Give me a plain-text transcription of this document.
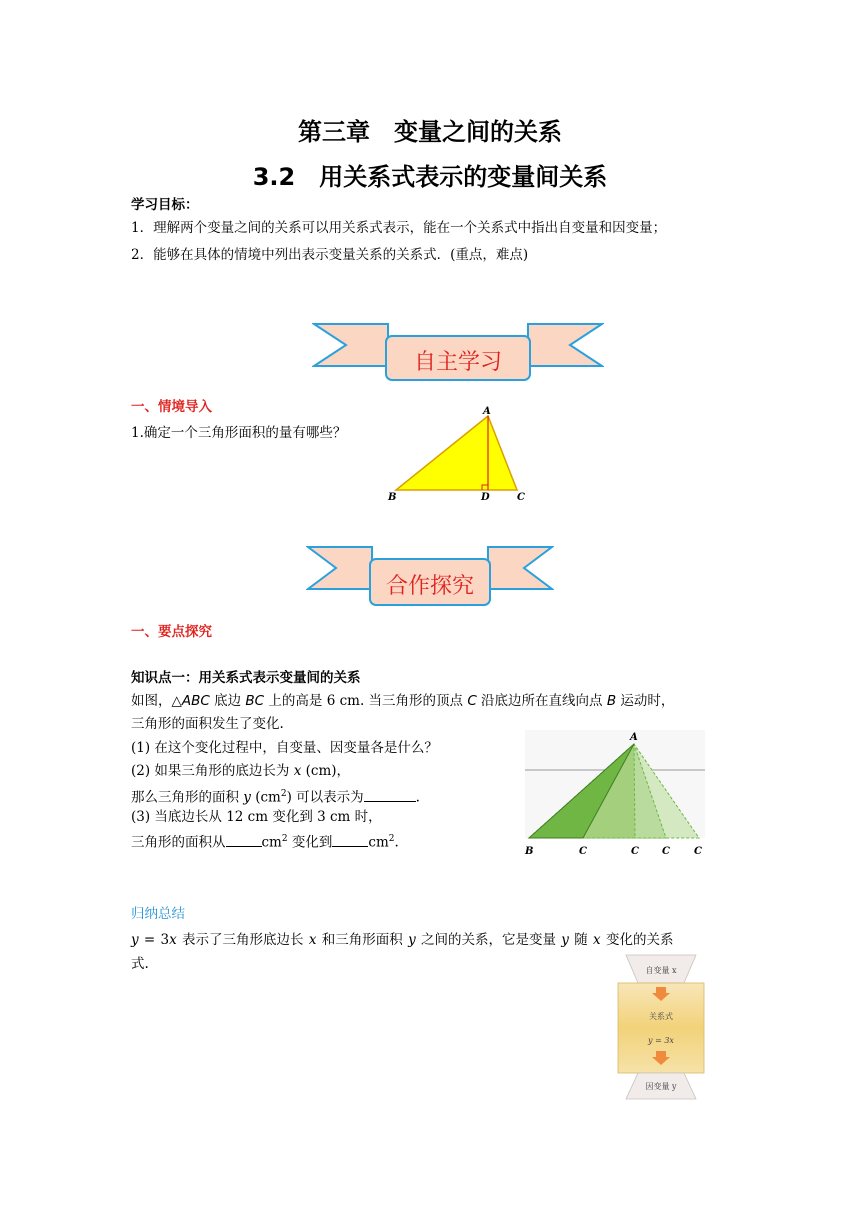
第三章　变量之间的关系
3.2　用关系式表示的变量间关系
学习目标：
1．理解两个变量之间的关系可以用关系式表示，能在一个关系式中指出自变量和因变量；
2．能够在具体的情境中列出表示变量关系的关系式．(重点，难点)
自主学习
一、情境导入
1.确定一个三角形面积的量有哪些？
A
B	D	C
合作探究
一、要点探究
知识点一：用关系式表示变量间的关系
如图，△ABC 底边 BC 上的高是 6 cm. 当三角形的顶点 C 沿底边所在直线向点 B 运动时，
三角形的面积发生了变化.
(1) 在这个变化过程中，自变量、因变量各是什么？
(2) 如果三角形的底边长为 x (cm)，
那么三角形的面积 y $(cm^2)$ 可以表示为	.
(3) 当底边长从 12 cm 变化到 3 cm 时，
三角形的面积从	$cm^2$ 变化到	$cm^2$.
A
B	C	C C C
归纳总结
y = 3x 表示了三角形底边长 x 和三角形面积 y 之间的关系，它是变量 y 随 x 变化的关系
式.	自变量 x
关系式
y = 3x
因变量 y
